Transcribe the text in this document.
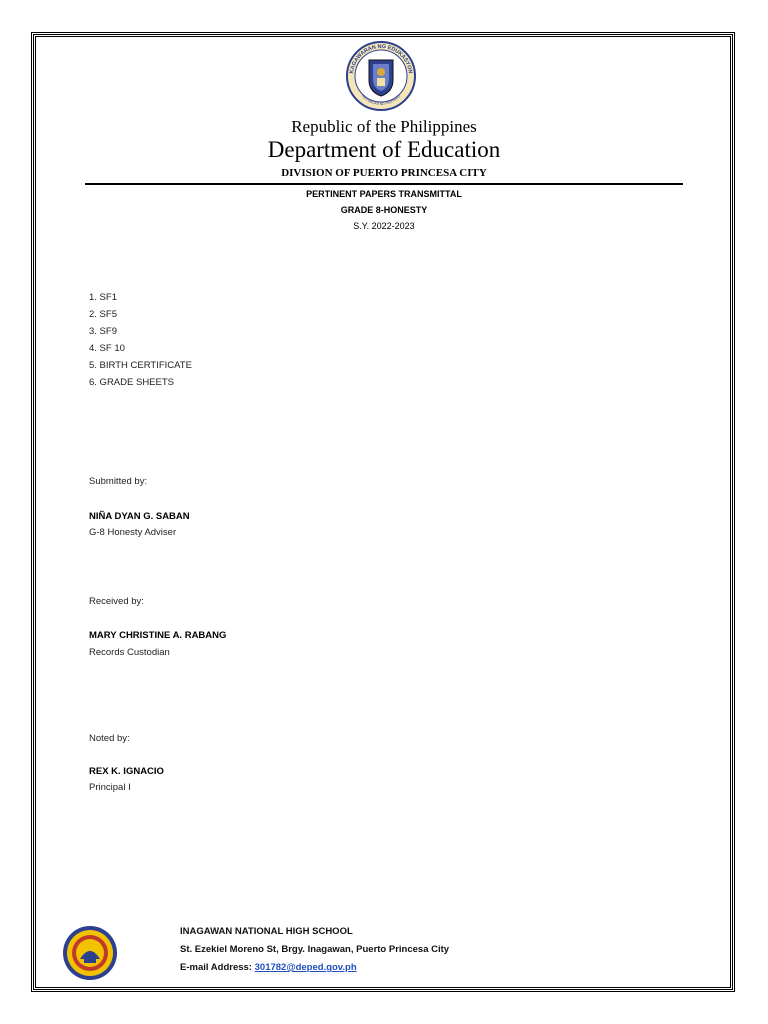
KAGAWARAN NG EDUKASYON
REPUBLIKA NG PILIPINAS
Republic of the Philippines
Department of Education
DIVISION OF PUERTO PRINCESA CITY
PERTINENT PAPERS TRANSMITTAL
GRADE 8-HONESTY
S.Y. 2022-2023
1. SF1
2. SF5
3. SF9
4. SF 10
5. BIRTH CERTIFICATE
6. GRADE SHEETS
Submitted by:
NIÑA DYAN G. SABAN
G-8 Honesty Adviser
Received by:
MARY CHRISTINE A. RABANG
Records Custodian
Noted by:
REX K. IGNACIO
Principal I
INAGAWAN NATIONAL HIGH SCHOOL
St. Ezekiel Moreno St, Brgy. Inagawan, Puerto Princesa City
E-mail Address: 301782@deped.gov.ph
